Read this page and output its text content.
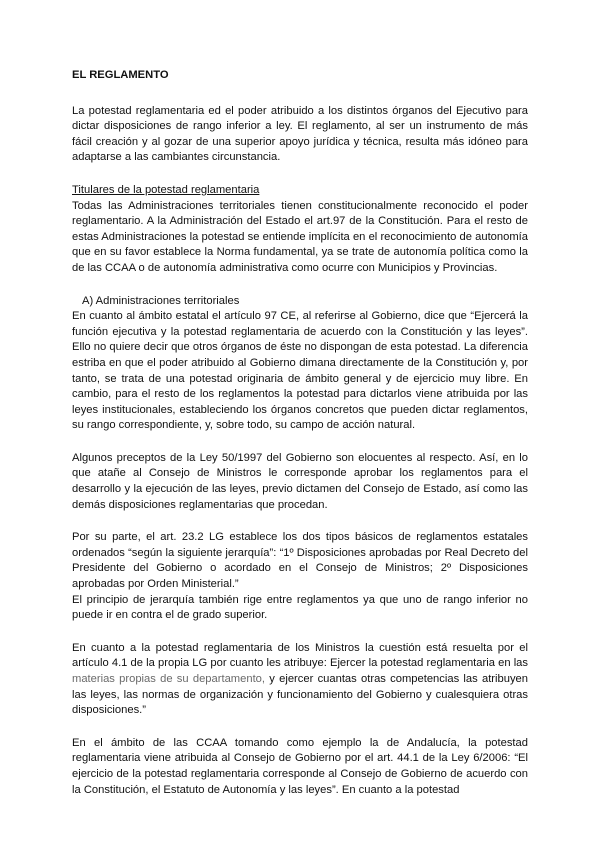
EL REGLAMENTO

La potestad reglamentaria ed el poder atribuido a los distintos órganos del Ejecutivo para dictar disposiciones de rango inferior a ley. El reglamento, al ser un instrumento de más fácil creación y al gozar de una superior apoyo jurídica y técnica, resulta más idóneo para adaptarse a las cambiantes circunstancia.

Titulares de la potestad reglamentaria

Todas las Administraciones territoriales tienen constitucionalmente reconocido el poder reglamentario. A la Administración del Estado el art.97 de la Constitución. Para el resto de estas Administraciones la potestad se entiende implícita en el reconocimiento de autonomía que en su favor establece la Norma fundamental, ya se trate de autonomía política como la de las CCAA o de autonomía administrativa como ocurre con Municipios y Provincias.

A) Administraciones territoriales

En cuanto al ámbito estatal el artículo 97 CE, al referirse al Gobierno, dice que “Ejercerá la función ejecutiva y la potestad reglamentaria de acuerdo con la Constitución y las leyes”. Ello no quiere decir que otros órganos de éste no dispongan de esta potestad. La diferencia estriba en que el poder atribuido al Gobierno dimana directamente de la Constitución y, por tanto, se trata de una potestad originaria de ámbito general y de ejercicio muy libre. En cambio, para el resto de los reglamentos la potestad para dictarlos viene atribuida por las leyes institucionales, estableciendo los órganos concretos que pueden dictar reglamentos, su rango correspondiente, y, sobre todo, su campo de acción natural.

Algunos preceptos de la Ley 50/1997 del Gobierno son elocuentes al respecto. Así, en lo que atañe al Consejo de Ministros le corresponde aprobar los reglamentos para el desarrollo y la ejecución de las leyes, previo dictamen del Consejo de Estado, así como las demás disposiciones reglamentarias que procedan.

Por su parte, el art. 23.2 LG establece los dos tipos básicos de reglamentos estatales ordenados “según la siguiente jerarquía”: “1º Disposiciones aprobadas por Real Decreto del Presidente del Gobierno o acordado en el Consejo de Ministros; 2º Disposiciones aprobadas por Orden Ministerial.”

El principio de jerarquía también rige entre reglamentos ya que uno de rango inferior no puede ir en contra el de grado superior.

En cuanto a la potestad reglamentaria de los Ministros la cuestión está resuelta por el artículo 4.1 de la propia LG por cuanto les atribuye: Ejercer la potestad reglamentaria en las materias propias de su departamento, y ejercer cuantas otras competencias las atribuyen las leyes, las normas de organización y funcionamiento del Gobierno y cualesquiera otras disposiciones.”

En el ámbito de las CCAA tomando como ejemplo la de Andalucía, la potestad reglamentaria viene atribuida al Consejo de Gobierno por el art. 44.1 de la Ley 6/2006: “El ejercicio de la potestad reglamentaria corresponde al Consejo de Gobierno de acuerdo con la Constitución, el Estatuto de Autonomía y las leyes”. En cuanto a la potestad
